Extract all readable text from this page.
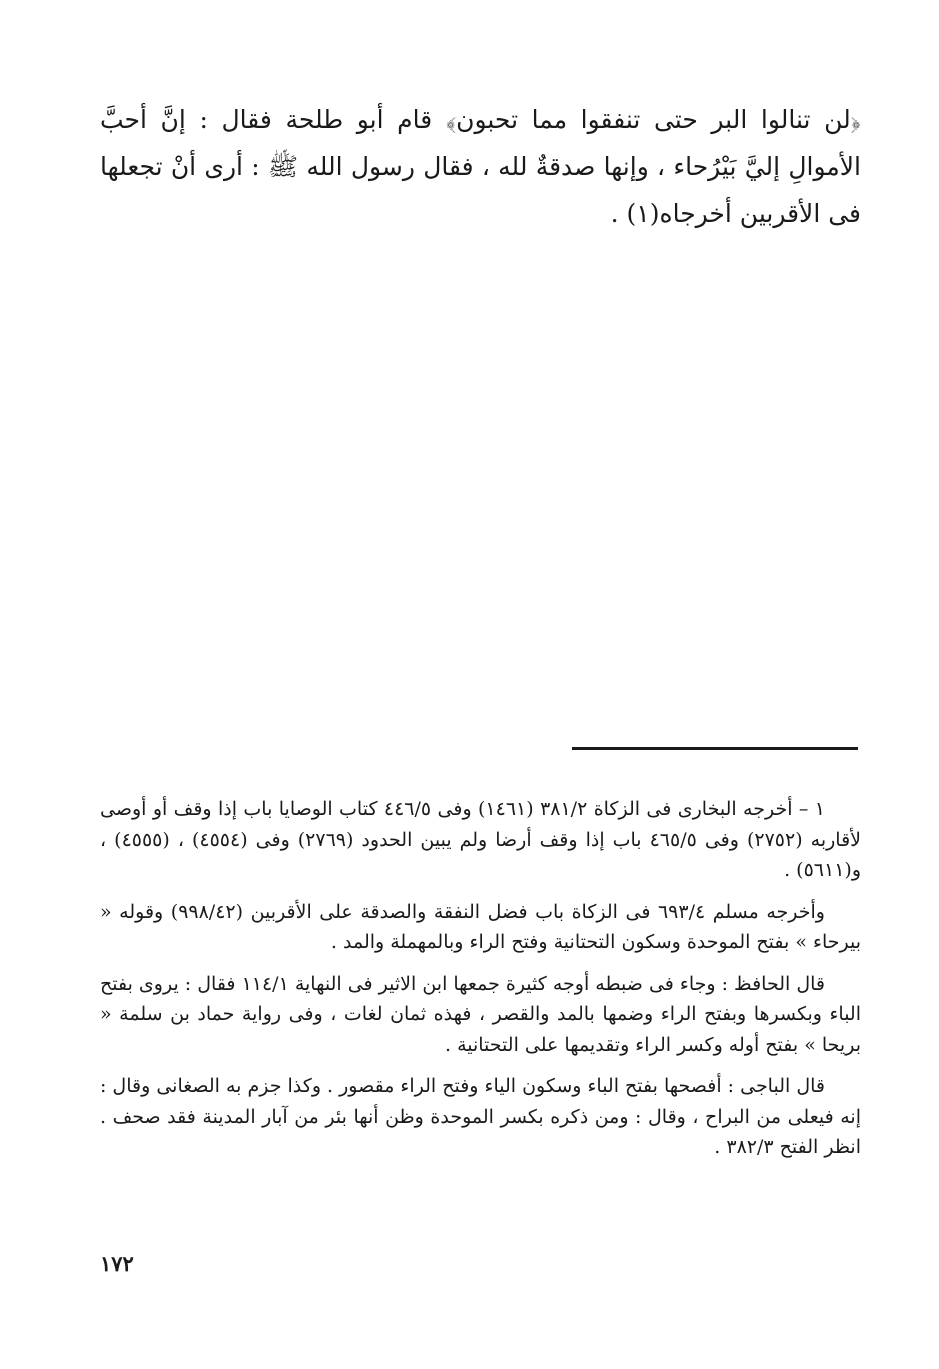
﴿لن تنالوا البر حتى تنفقوا مما تحبون﴾ قام أبو طلحة فقال : إنَّ أحبَّ الأموالِ إليَّ بَيْرُحاء ، وإنها صدقةٌ لله ، فقال رسول الله ﷺ : أرى أنْ تجعلها فى الأقربين أخرجاه(١) .

١ – أخرجه البخارى فى الزكاة ٣٨١/٢ (١٤٦١) وفى ٤٤٦/٥ كتاب الوصايا باب إذا وقف أو أوصى لأقاربه (٢٧٥٢) وفى ٤٦٥/٥ باب إذا وقف أرضا ولم يبين الحدود (٢٧٦٩) وفى (٤٥٥٤) ، (٤٥٥٥) ، و(٥٦١١) .

وأخرجه مسلم ٦٩٣/٤ فى الزكاة باب فضل النفقة والصدقة على الأقربين (٩٩٨/٤٢) وقوله « بيرحاء » بفتح الموحدة وسكون التحتانية وفتح الراء وبالمهملة والمد .

قال الحافظ : وجاء فى ضبطه أوجه كثيرة جمعها ابن الاثير فى النهاية ١١٤/١ فقال : يروى بفتح الباء وبكسرها وبفتح الراء وضمها بالمد والقصر ، فهذه ثمان لغات ، وفى رواية حماد بن سلمة « بريحا » بفتح أوله وكسر الراء وتقديمها على التحتانية .

قال الباجى : أفصحها بفتح الباء وسكون الياء وفتح الراء مقصور . وكذا جزم به الصغانى وقال : إنه فيعلى من البراح ، وقال : ومن ذكره بكسر الموحدة وظن أنها بئر من آبار المدينة فقد صحف . انظر الفتح ٣٨٢/٣ .

١٧٢
